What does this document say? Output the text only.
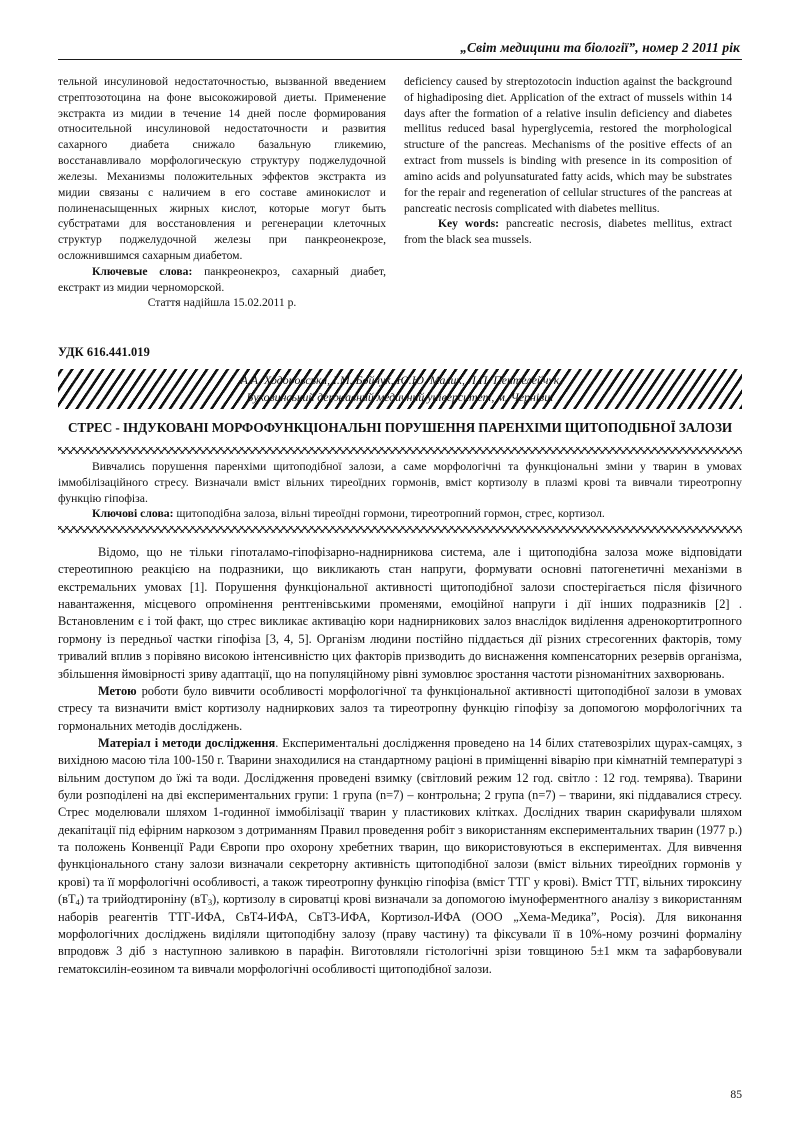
„Світ медицини та біології”, номер 2 2011 рік

тельной инсулиновой недостаточностью, вызванной введением стрептозотоцина на фоне высокожировой диеты. Применение экстракта из мидии в течение 14 дней после формирования относительной инсулиновой недостаточности и развития сахарного диабета снижало базальную гликемию, восстанавливало морфологическую структуру поджелудочной железы. Механизмы положительных эффектов экстракта из мидии связаны с наличием в его составе аминокислот и полиненасыщенных жирных кислот, которые могут быть субстратами для восстановления и регенерации клеточных структур поджелудочной железы при панкреонекрозе, осложнившимся сахарным диабетом.

Ключевые слова: панкреонекроз, сахарный диабет, екстракт из мидии черноморской.

Стаття надійшла 15.02.2011 р.

deficiency caused by streptozotocin induction against the background of highadiposing diet. Application of the extract of mussels within 14 days after the formation of a relative insulin deficiency and diabetes mellitus reduced basal hyperglycemia, restored the morphological structure of the pancreas. Mechanisms of the positive effects of an extract from mussels is binding with presence in its composition of amino acids and polyunsaturated fatty acids, which may be substrates for the repair and regeneration of cellular structures of the pancreas at pancreatic necrosis complicated with diabetes mellitus.

Key words: pancreatic necrosis, diabetes mellitus, extract from the black sea mussels.

УДК 616.441.019
А.А. Ходоровська, І.М. Бойчук, Ю.Ю. Малик, Л.П. Пентелейчук
Буковинський державний медичний університет, м. Чернівці
СТРЕС - ІНДУКОВАНІ МОРФОФУНКЦІОНАЛЬНІ ПОРУШЕННЯ ПАРЕНХІМИ ЩИТОПОДІБНОЇ ЗАЛОЗИ

Вивчались порушення паренхіми щитоподібної залози, а саме морфологічні та функціональні зміни у тварин в умовах іммобілізаційного стресу. Визначали вміст вільних тиреоїдних гормонів, вміст кортизолу в плазмі крові та вивчали тиреотропну функцію гіпофіза.

Ключові слова: щитоподібна залоза, вільні тиреоїдні гормони, тиреотропний гормон, стрес, кортизол.

Відомо, що не тільки гіпоталамо-гіпофізарно-наднирникова система, але і щитоподібна залоза може відповідати стереотипною реакцією на подразники, що викликають стан напруги, формувати основні патогенетичні механізми в екстремальних умовах [1]. Порушення функціональної активності щитоподібної залози спостерігається після фізичного навантаження, місцевого опромінення рентгенівськими променями, емоційної напруги і дії інших подразників [2] . Встановленим є і той факт, що стрес викликає активацію кори наднирникових залоз внаслідок виділення адренокортитропного гормону із передньої частки гіпофіза [3, 4, 5]. Організм людини постійно піддається дії різних стресогенних факторів, тому тривалий вплив з порівяно високою інтенсивністю цих факторів призводить до виснаження компенсаторних резервів організма, збільшення ймовірності зриву адаптації, що на популяційному рівні зумовлює зростання частоти різноманітних захворювань.

Метою роботи було вивчити особливості морфологічної та функціональної активності щитоподібної залози в умовах стресу та визначити вміст кортизолу надниркових залоз та тиреотропну функцію гіпофізу за допомогою морфологічних та гормональних методів досліджень.

Матеріал і методи дослідження. Експериментальні дослідження проведено на 14 білих статевозрілих щурах-самцях, з вихідною масою тіла 100-150 г. Тварини знаходилися на стандартному раціоні в приміщенні віварію при кімнатній температурі з вільним доступом до їжі та води. Дослідження проведені взимку (світловий режим 12 год. світло : 12 год. темрява). Тварини були розподілені на дві експериментальних групи: 1 група (n=7) – контрольна; 2 група (n=7) – тварини, які піддавалися стресу. Стрес моделювали шляхом 1-годинної іммобілізації тварин у пластикових клітках. Дослідних тварин скарифували шляхом декапітації під ефірним наркозом з дотриманням Правил проведення робіт з використанням експериментальних тварин (1977 р.) та положень Конвенції Ради Європи про охорону хребетних тварин, що використовуються в експериментах. Для вивчення функціонального стану залози визначали секреторну активність щитоподібної залози (вміст вільних тиреоїдних гормонів у крові) та її морфологічні особливості, а також тиреотропну функцію гіпофіза (вміст ТТГ у крові). Вміст ТТГ, вільних тироксину $(вТ_4)$ та трийодтироніну $(вТ_3)$, кортизолу в сироватці крові визначали за допомогою імуноферментного аналізу з використанням наборів реагентів ТТГ-ИФА, СвТ4-ИФА, СвТ3-ИФА, Кортизол-ИФА (ООО „Хема-Медика”, Росія). Для виконання морфологічних досліджень виділяли щитоподібну залозу (праву частину) та фіксували її в 10%-ному розчині формаліну впродовж 3 діб з наступною заливкою в парафін. Виготовляли гістологічні зрізи товщиною 5±1 мкм та зафарбовували гематоксилін-еозином та вивчали морфологічні особливості щитоподібної залози.

85
